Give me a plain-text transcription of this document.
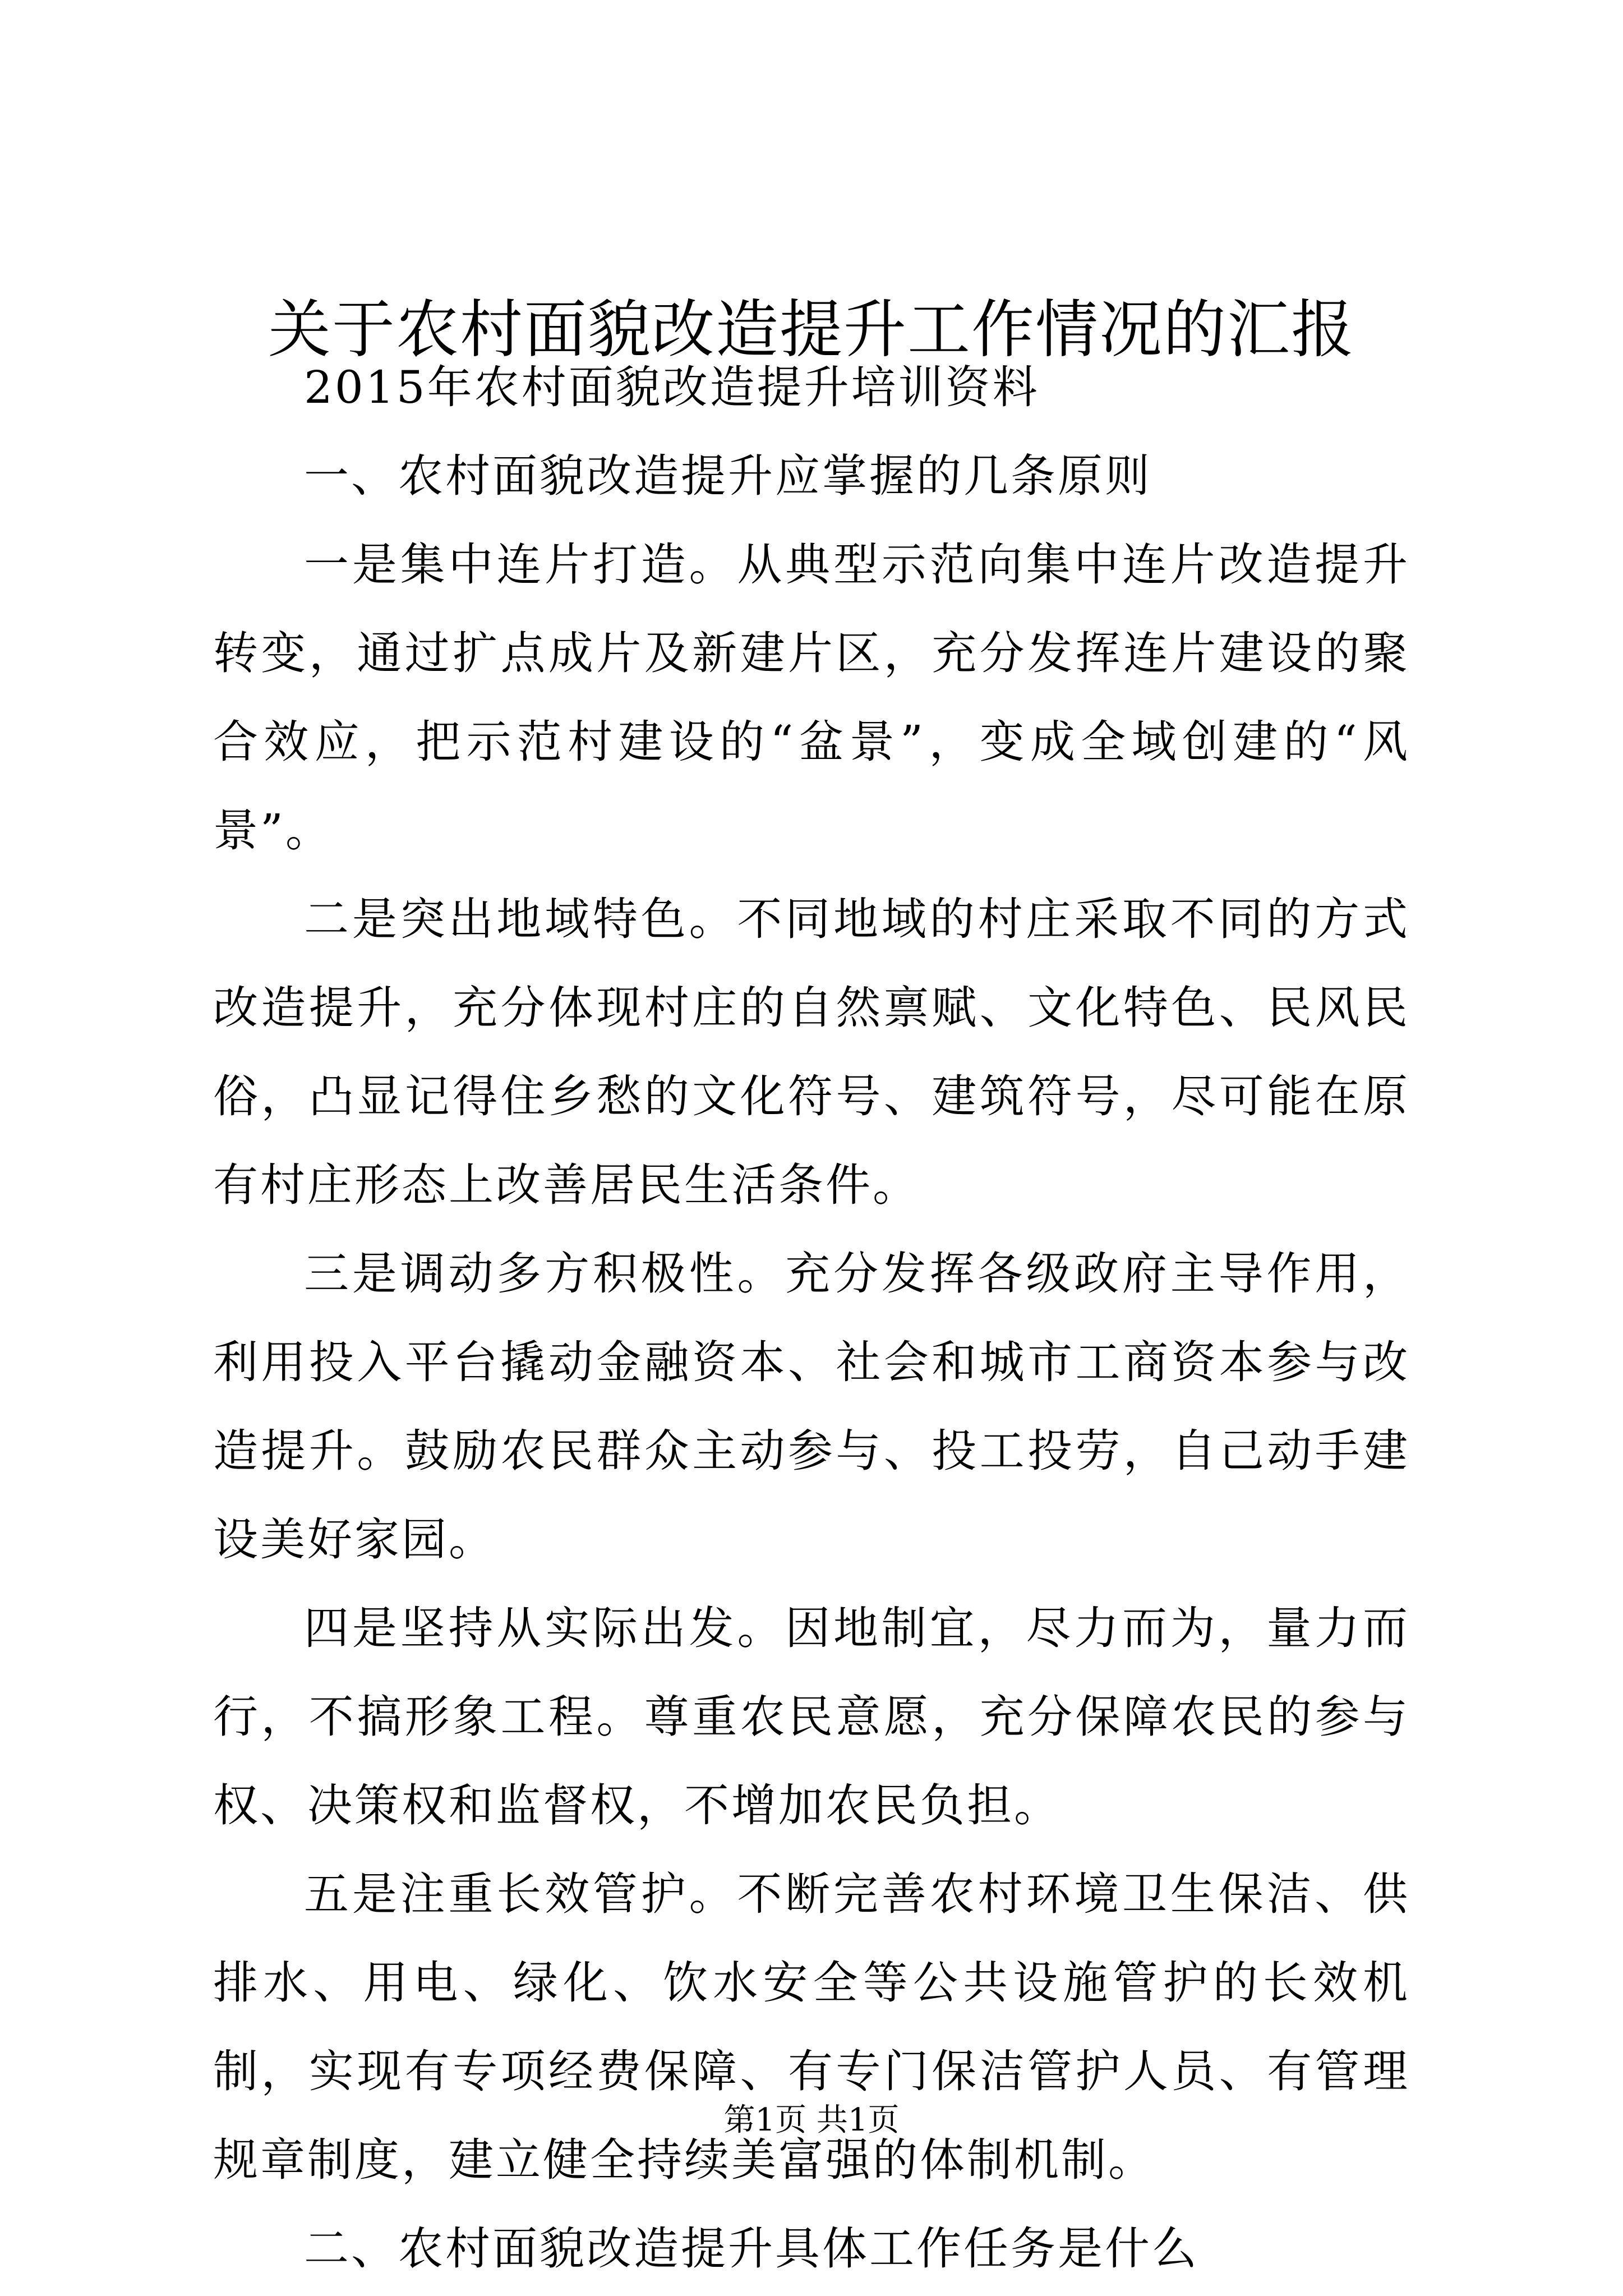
关于农村面貌改造提升工作情况的汇报

2015年农村面貌改造提升培训资料

一、农村面貌改造提升应掌握的几条原则

一是集中连片打造。从典型示范向集中连片改造提升转变，通过扩点成片及新建片区，充分发挥连片建设的聚合效应，把示范村建设的“盆景”，变成全域创建的“风景”。

二是突出地域特色。不同地域的村庄采取不同的方式改造提升，充分体现村庄的自然禀赋、文化特色、民风民俗，凸显记得住乡愁的文化符号、建筑符号，尽可能在原有村庄形态上改善居民生活条件。

三是调动多方积极性。充分发挥各级政府主导作用，利用投入平台撬动金融资本、社会和城市工商资本参与改造提升。鼓励农民群众主动参与、投工投劳，自己动手建设美好家园。

四是坚持从实际出发。因地制宜，尽力而为，量力而行，不搞形象工程。尊重农民意愿，充分保障农民的参与权、决策权和监督权，不增加农民负担。

五是注重长效管护。不断完善农村环境卫生保洁、供排水、用电、绿化、饮水安全等公共设施管护的长效机制，实现有专项经费保障、有专门保洁管护人员、有管理规章制度，建立健全持续美富强的体制机制。

二、农村面貌改造提升具体工作任务是什么

第1页 共1页
